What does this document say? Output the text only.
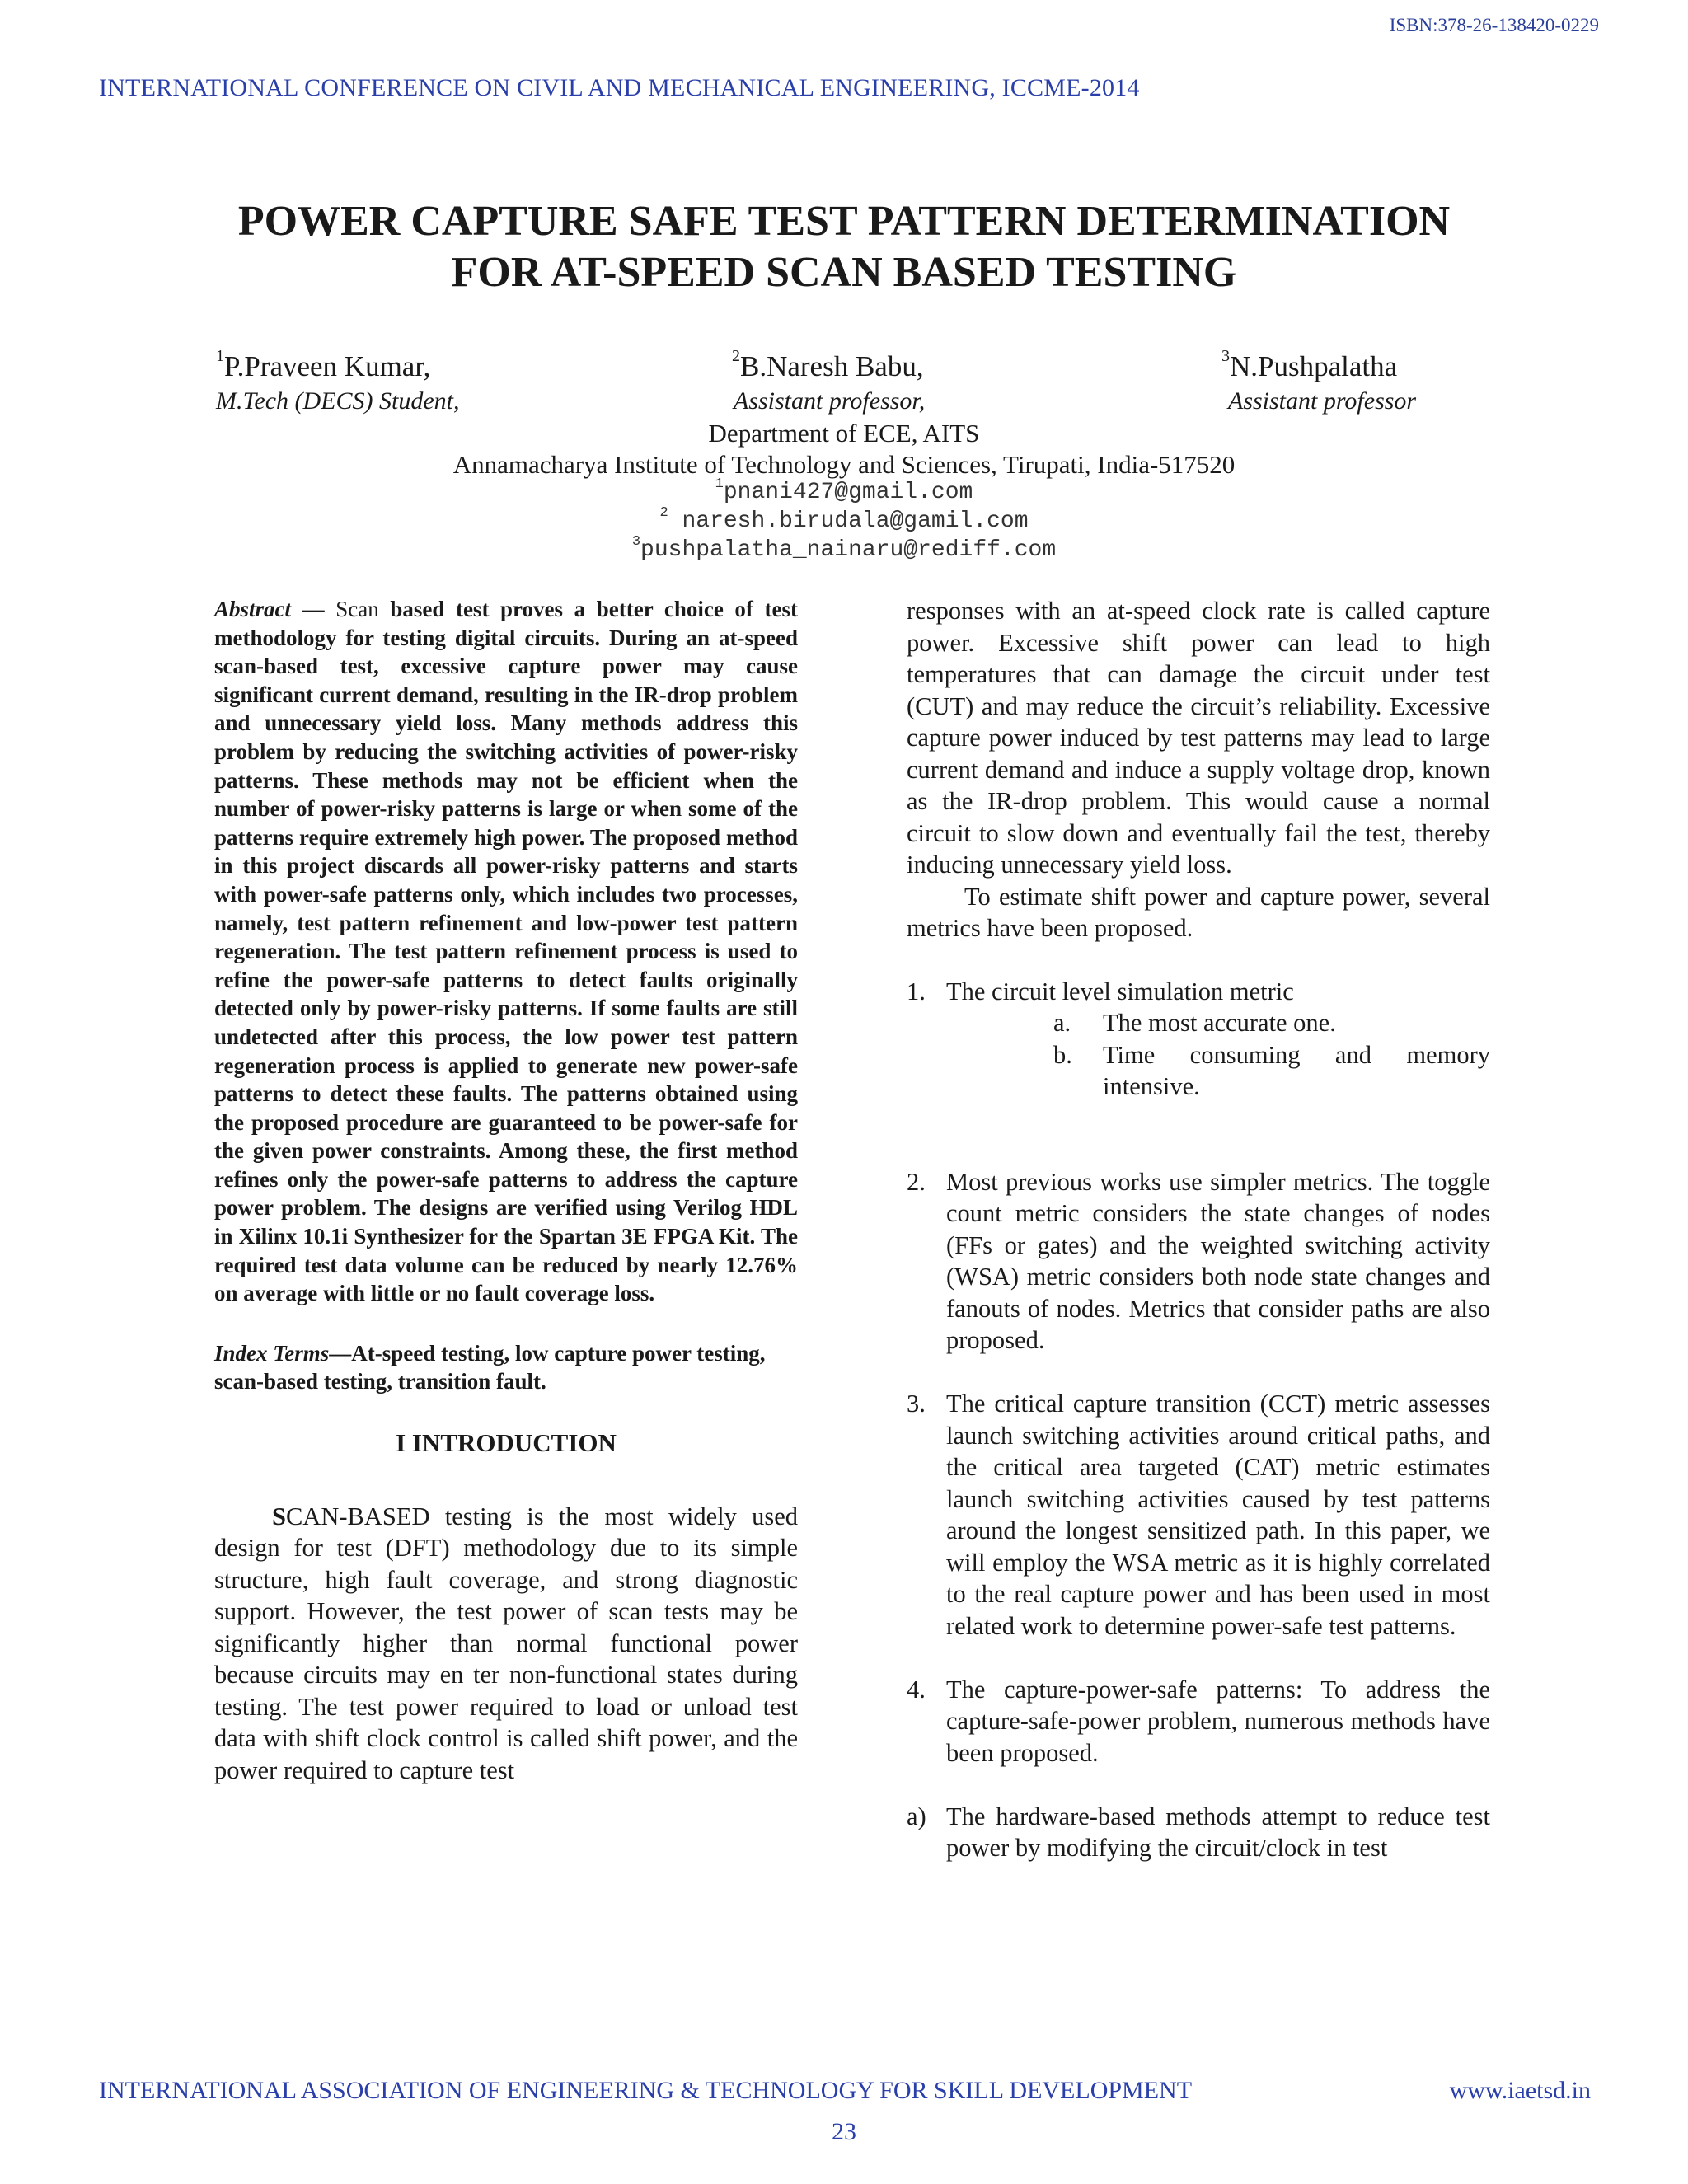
ISBN:378-26-138420-0229
INTERNATIONAL CONFERENCE ON CIVIL AND MECHANICAL ENGINEERING, ICCME-2014
POWER CAPTURE SAFE TEST PATTERN DETERMINATION
FOR AT-SPEED SCAN BASED TESTING
$^1$P.Praveen Kumar,	$^2$B.Naresh Babu,	$^3$N.Pushpalatha
M.Tech (DECS) Student,	Assistant professor,	Assistant professor
Department of ECE, AITS
Annamacharya Institute of Technology and Sciences, Tirupati, India-517520
$^1$pnani427@gmail.com
$^2$ naresh.birudala@gamil.com
$^3$pushpalatha_nainaru@rediff.com

Abstract — Scan based test proves a better choice of test methodology for testing digital circuits. During an at-speed scan-based test, excessive capture power may cause significant current demand, resulting in the IR-drop problem and unnecessary yield loss. Many methods address this problem by reducing the switching activities of power-risky patterns. These methods may not be efficient when the number of power-risky patterns is large or when some of the patterns require extremely high power. The proposed method in this project discards all power-risky patterns and starts with power-safe patterns only, which includes two processes, namely, test pattern refinement and low-power test pattern regeneration. The test pattern refinement process is used to refine the power-safe patterns to detect faults originally detected only by power-risky patterns. If some faults are still undetected after this process, the low power test pattern regeneration process is applied to generate new power-safe patterns to detect these faults. The patterns obtained using the proposed procedure are guaranteed to be power-safe for the given power constraints. Among these, the first method refines only the power-safe patterns to address the capture power problem. The designs are verified using Verilog HDL in Xilinx 10.1i Synthesizer for the Spartan 3E FPGA Kit. The required test data volume can be reduced by nearly 12.76% on average with little or no fault coverage loss.

Index Terms—At-speed testing, low capture power testing,
scan-based testing, transition fault.

I INTRODUCTION

SCAN-BASED testing is the most widely used design for test (DFT) methodology due to its simple structure, high fault coverage, and strong diagnostic support. However, the test power of scan tests may be significantly higher than normal functional power because circuits may en ter non-functional states during testing. The test power required to load or unload test data with shift clock control is called shift power, and the power required to capture test

responses with an at-speed clock rate is called capture power. Excessive shift power can lead to high temperatures that can damage the circuit under test (CUT) and may reduce the circuit’s reliability. Excessive capture power induced by test patterns may lead to large current demand and induce a supply voltage drop, known as the IR-drop problem. This would cause a normal circuit to slow down and eventually fail the test, thereby inducing unnecessary yield loss.

To estimate shift power and capture power, several metrics have been proposed.

1. The circuit level simulation metric
a.	The most accurate one.
b.	Time consuming and memory intensive.
2. Most previous works use simpler metrics. The toggle count metric considers the state changes of nodes (FFs or gates) and the weighted switching activity (WSA) metric considers both node state changes and fanouts of nodes. Metrics that consider paths are also proposed.
3. The critical capture transition (CCT) metric assesses launch switching activities around critical paths, and the critical area targeted (CAT) metric estimates launch switching activities caused by test patterns around the longest sensitized path. In this paper, we will employ the WSA metric as it is highly correlated to the real capture power and has been used in most related work to determine power-safe test patterns.
4. The capture-power-safe patterns: To address the capture-safe-power problem, numerous methods have been proposed.
a) The hardware-based methods attempt to reduce test power by modifying the circuit/clock in test
INTERNATIONAL ASSOCIATION OF ENGINEERING & TECHNOLOGY FOR SKILL DEVELOPMENT	www.iaetsd.in
23
